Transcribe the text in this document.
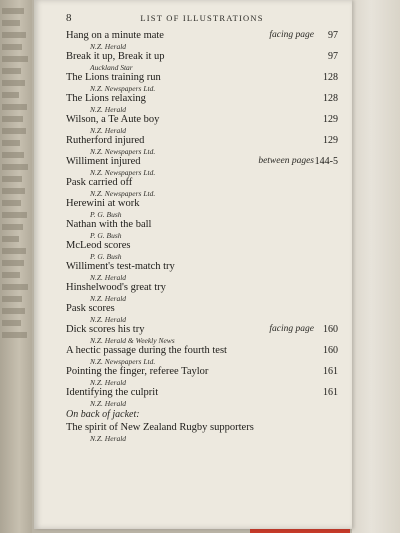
8	LIST OF ILLUSTRATIONS
Hang on a minute mate	facing page 97
N.Z. Herald
Break it up, Break it up	97
Auckland Star
The Lions training run	128
N.Z. Newspapers Ltd.
The Lions relaxing	128
N.Z. Herald
Wilson, a Te Aute boy	129
N.Z. Herald
Rutherford injured	129
N.Z. Newspapers Ltd.
Williment injured	between pages 144-5
N.Z. Newspapers Ltd.
Pask carried off
N.Z. Newspapers Ltd.
Herewini at work
P. G. Bush
Nathan with the ball
P. G. Bush
McLeod scores
P. G. Bush
Williment's test-match try
N.Z. Herald
Hinshelwood's great try
N.Z. Herald
Pask scores
N.Z. Herald
Dick scores his try	facing page 160
N.Z. Herald & Weekly News
A hectic passage during the fourth test	160
N.Z. Newspapers Ltd.
Pointing the finger, referee Taylor	161
N.Z. Herald
Identifying the culprit	161
N.Z. Herald
On back of jacket:
The spirit of New Zealand Rugby supporters
N.Z. Herald
